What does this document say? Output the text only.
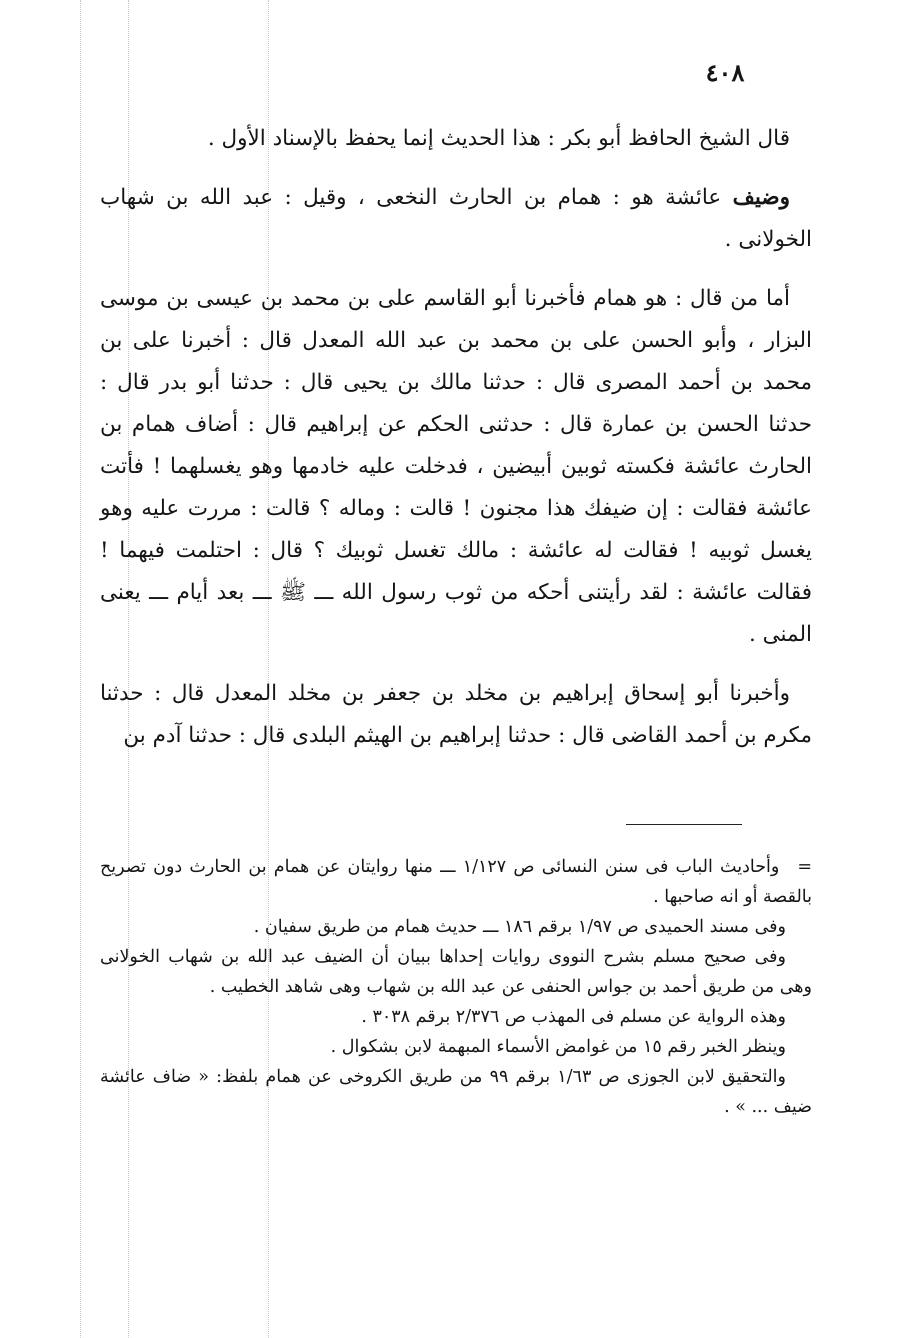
٤٠٨

قال الشيخ الحافظ أبو بكر : هذا الحديث إنما يحفظ بالإسناد الأول .

وضيف عائشة هو : همام بن الحارث النخعى ، وقيل : عبد الله بن شهاب الخولانى .

أما من قال : هو همام فأخبرنا أبو القاسم على بن محمد بن عيسى بن موسى البزار ، وأبو الحسن على بن محمد بن عبد الله المعدل قال : أخبرنا على بن محمد بن أحمد المصرى قال : حدثنا مالك بن يحيى قال : حدثنا أبو بدر قال : حدثنا الحسن بن عمارة قال : حدثنى الحكم عن إبراهيم قال : أضاف همام بن الحارث عائشة فكسته ثوبين أبيضين ، فدخلت عليه خادمها وهو يغسلهما ! فأتت عائشة فقالت : إن ضيفك هذا مجنون ! قالت : وماله ؟ قالت : مررت عليه وهو يغسل ثوبيه ! فقالت له عائشة : مالك تغسل ثوبيك ؟ قال : احتلمت فيهما ! فقالت عائشة : لقد رأيتنى أحكه من ثوب رسول الله ـــ ﷺ ـــ بعد أيام ـــ يعنى المنى .

وأخبرنا أبو إسحاق إبراهيم بن مخلد بن جعفر بن مخلد المعدل قال : حدثنا مكرم بن أحمد القاضى قال : حدثنا إبراهيم بن الهيثم البلدى قال : حدثنا آدم بن

=وأحاديث الباب فى سنن النسائى ص ١/١٢٧ ـــ منها روايتان عن همام بن الحارث دون تصريح بالقصة أو انه صاحبها .

وفى مسند الحميدى ص ١/٩٧ برقم ١٨٦ ـــ حديث همام من طريق سفيان .

وفى صحيح مسلم بشرح النووى روايات إحداها ببيان أن الضيف عبد الله بن شهاب الخولانى وهى من طريق أحمد بن جواس الحنفى عن عبد الله بن شهاب وهى شاهد الخطيب .

وهذه الرواية عن مسلم فى المهذب ص ٢/٣٧٦ برقم ٣٠٣٨ .

وينظر الخبر رقم ١٥ من غوامض الأسماء المبهمة لابن بشكوال .

والتحقيق لابن الجوزى ص ١/٦٣ برقم ٩٩ من طريق الكروخى عن همام بلفظ: « ضاف عائشة ضيف ... » .
